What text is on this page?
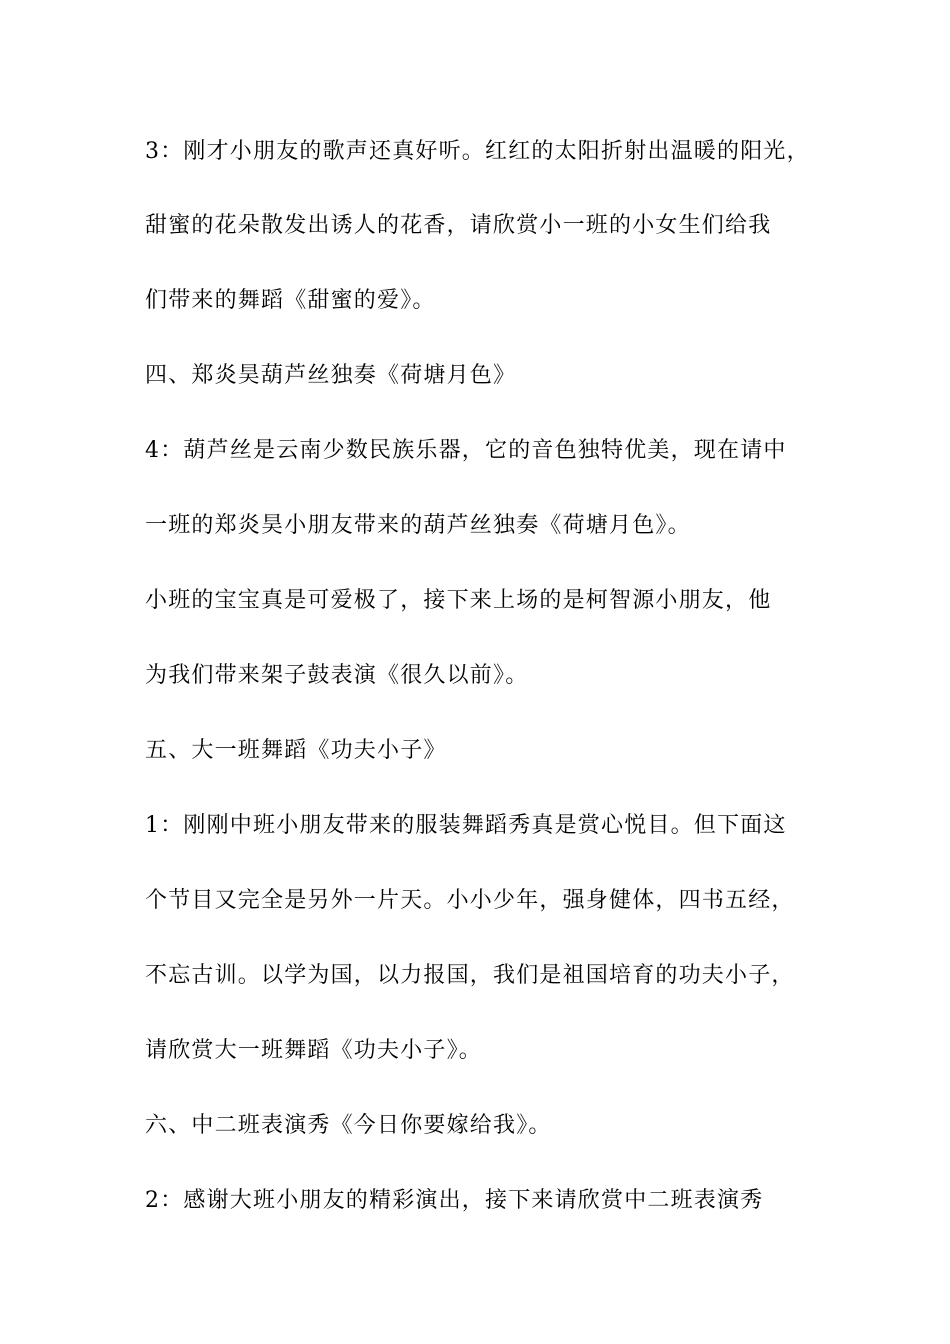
3：刚才小朋友的歌声还真好听。红红的太阳折射出温暖的阳光，
甜蜜的花朵散发出诱人的花香，请欣赏小一班的小女生们给我
们带来的舞蹈《甜蜜的爱》。
四、郑炎昊葫芦丝独奏《荷塘月色》
4：葫芦丝是云南少数民族乐器，它的音色独特优美，现在请中
一班的郑炎昊小朋友带来的葫芦丝独奏《荷塘月色》。
小班的宝宝真是可爱极了，接下来上场的是柯智源小朋友，他
为我们带来架子鼓表演《很久以前》。
五、大一班舞蹈《功夫小子》
1：刚刚中班小朋友带来的服装舞蹈秀真是赏心悦目。但下面这
个节目又完全是另外一片天。小小少年，强身健体，四书五经，
不忘古训。以学为国，以力报国，我们是祖国培育的功夫小子，
请欣赏大一班舞蹈《功夫小子》。
六、中二班表演秀《今日你要嫁给我》。
2：感谢大班小朋友的精彩演出，接下来请欣赏中二班表演秀
